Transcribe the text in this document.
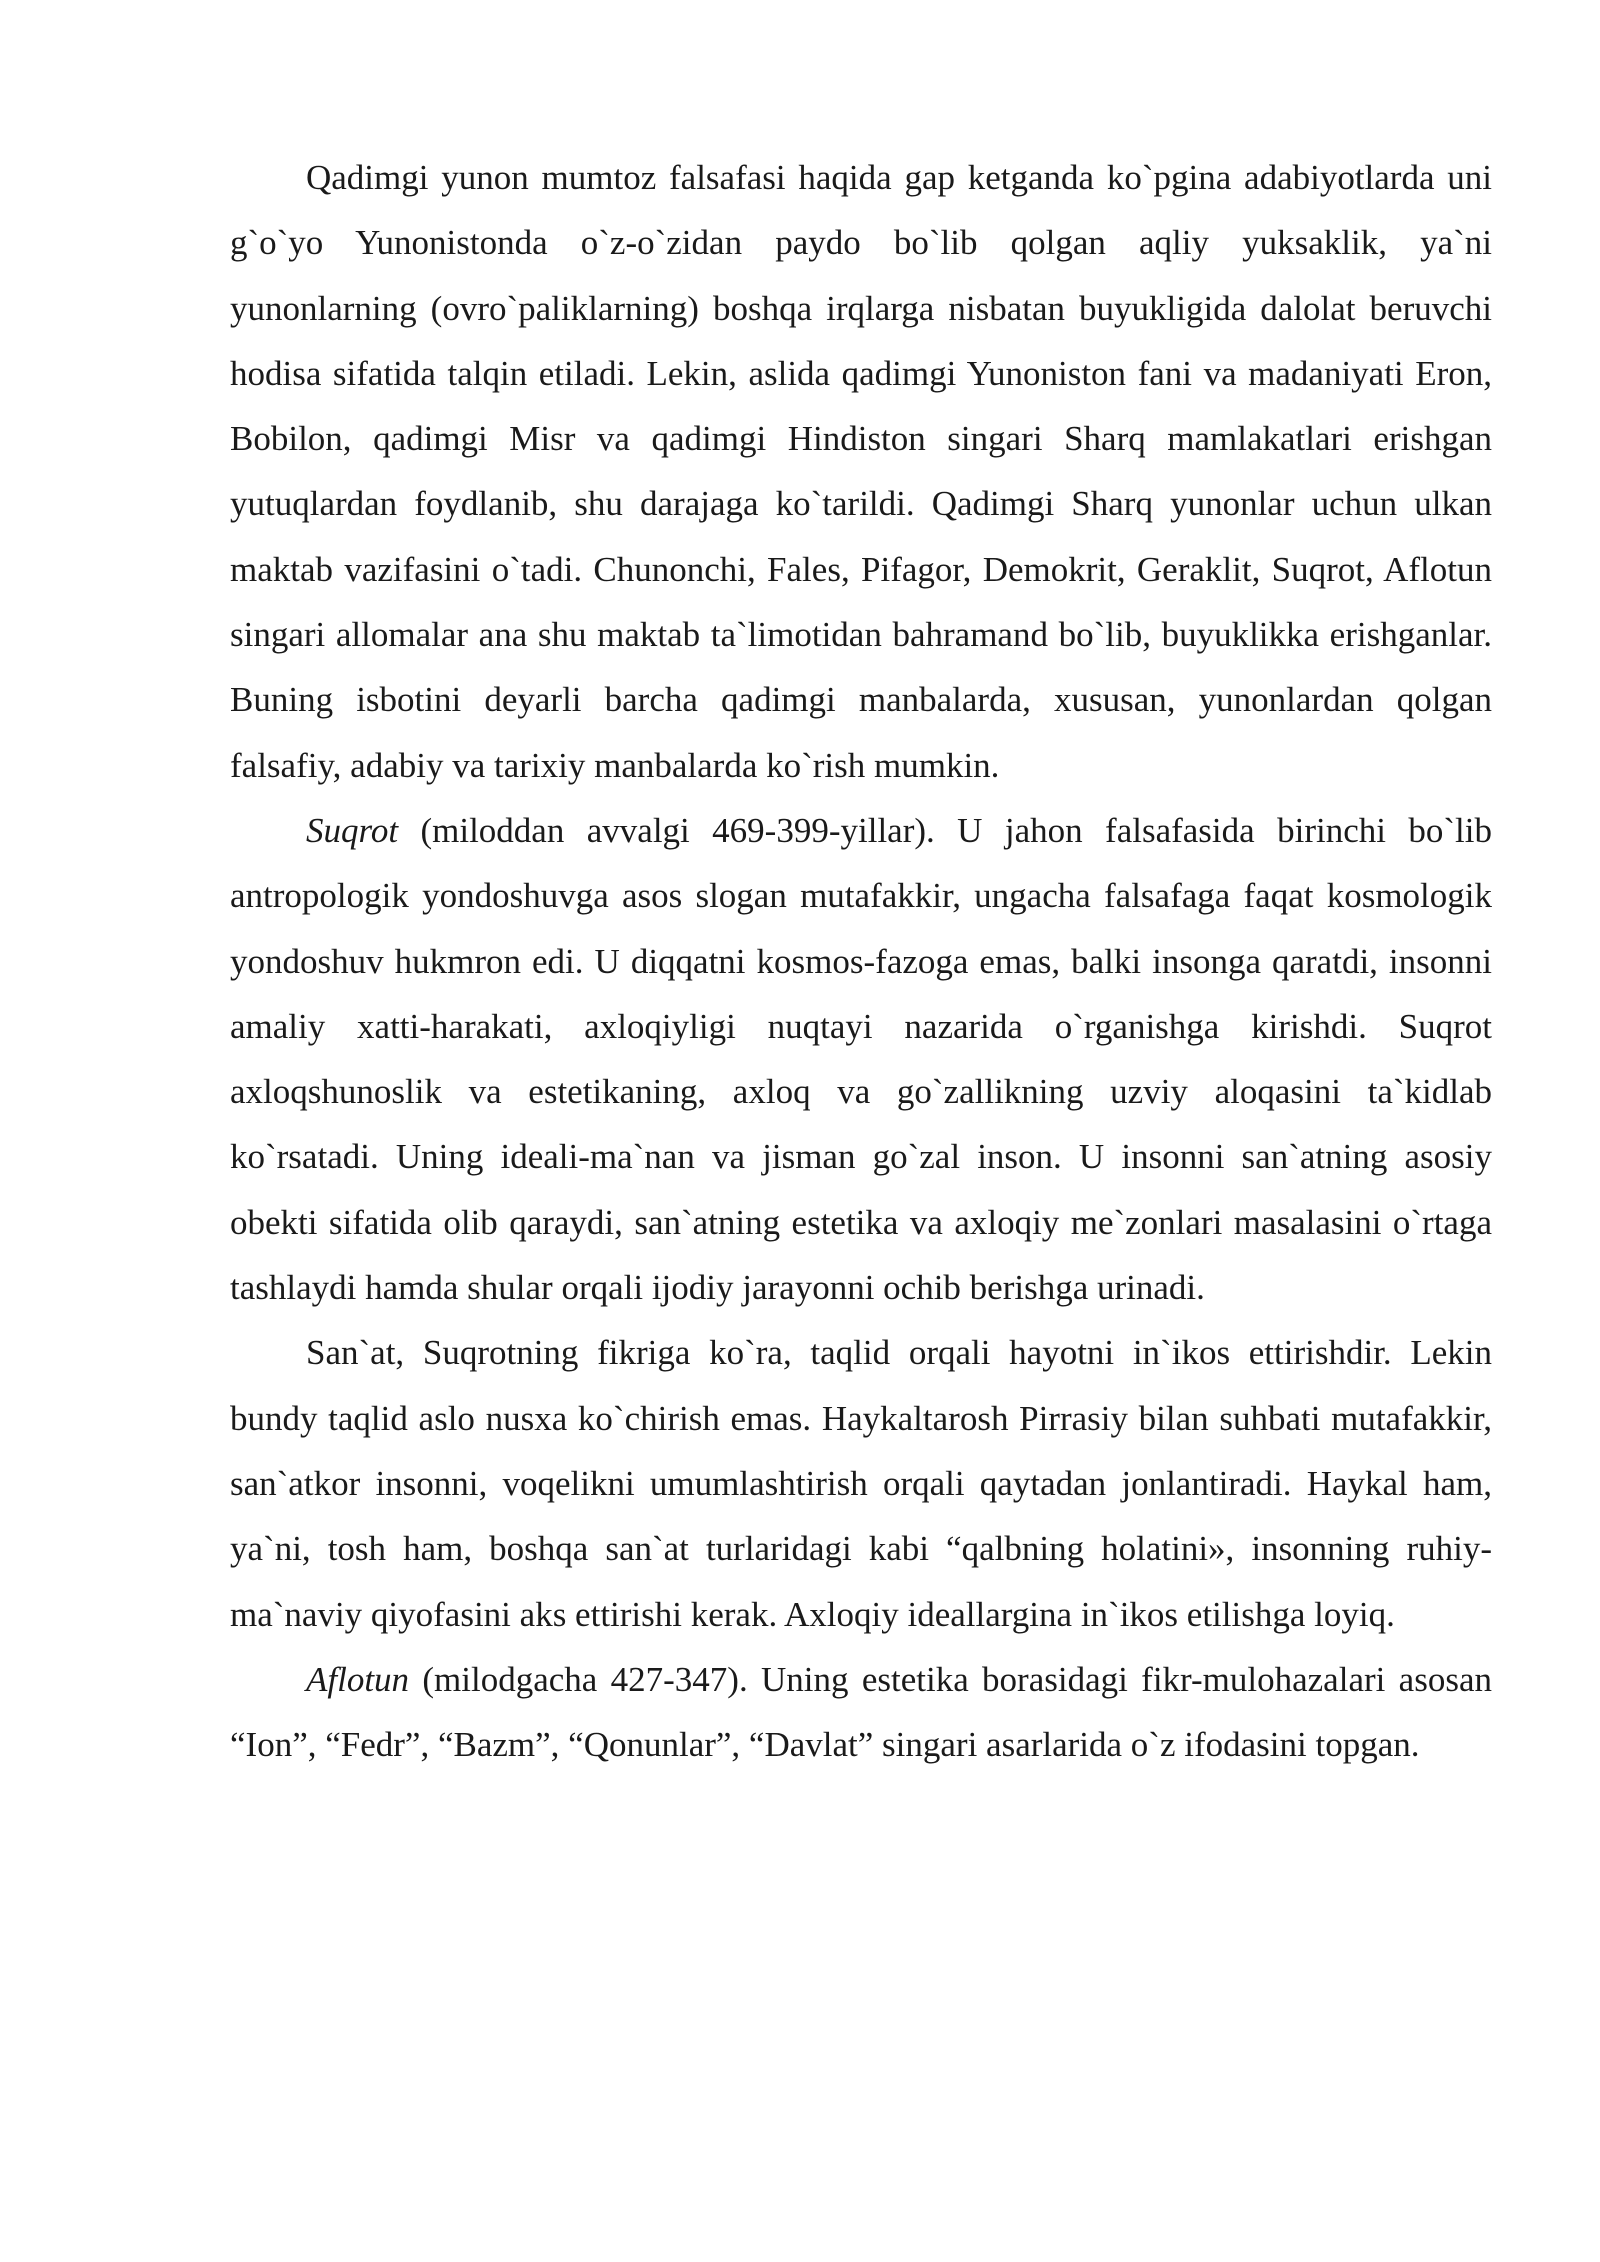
Qadimgi yunon mumtoz falsafasi haqida gap ketganda ko`pgina adabiyotlarda uni g`o`yo Yunonistonda o`z-o`zidan paydo bo`lib qolgan aqliy yuksaklik, ya`ni yunonlarning (ovro`paliklarning) boshqa irqlarga nisbatan buyukligida dalolat beruvchi hodisa sifatida talqin etiladi. Lekin, aslida qadimgi Yunoniston fani va madaniyati Eron, Bobilon, qadimgi Misr va qadimgi Hindiston singari Sharq mamlakatlari erishgan yutuqlardan foydlanib, shu darajaga ko`tarildi. Qadimgi Sharq yunonlar uchun ulkan maktab vazifasini o`tadi. Chunonchi, Fales, Pifagor, Demokrit, Geraklit, Suqrot, Aflotun singari allomalar ana shu maktab ta`limotidan bahramand bo`lib, buyuklikka erishganlar. Buning isbotini deyarli barcha qadimgi manbalarda, xususan, yunonlardan qolgan falsafiy, adabiy va tarixiy manbalarda ko`rish mumkin.

Suqrot (miloddan avvalgi 469-399-yillar). U jahon falsafasida birinchi bo`lib antropologik yondoshuvga asos slogan mutafakkir, ungacha falsafaga faqat kosmologik yondoshuv hukmron edi. U diqqatni kosmos-fazoga emas, balki insonga qaratdi, insonni amaliy xatti-harakati, axloqiyligi nuqtayi nazarida o`rganishga kirishdi. Suqrot axloqshunoslik va estetikaning, axloq va go`zallikning uzviy aloqasini ta`kidlab ko`rsatadi. Uning ideali-ma`nan va jisman go`zal inson. U insonni san`atning asosiy obekti sifatida olib qaraydi, san`atning estetika va axloqiy me`zonlari masalasini o`rtaga tashlaydi hamda shular orqali ijodiy jarayonni ochib berishga urinadi.

San`at, Suqrotning fikriga ko`ra, taqlid orqali hayotni in`ikos ettirishdir. Lekin bundy taqlid aslo nusxa ko`chirish emas. Haykaltarosh Pirrasiy bilan suhbati mutafakkir, san`atkor insonni, voqelikni umumlashtirish orqali qaytadan jonlantiradi. Haykal ham, ya`ni, tosh ham, boshqa san`at turlaridagi kabi “qalbning holatini», insonning ruhiy-ma`naviy qiyofasini aks ettirishi kerak. Axloqiy ideallargina in`ikos etilishga loyiq.

Aflotun (milodgacha 427-347). Uning estetika borasidagi fikr-mulohazalari asosan “Ion”, “Fedr”, “Bazm”, “Qonunlar”, “Davlat” singari asarlarida o`z ifodasini topgan.
